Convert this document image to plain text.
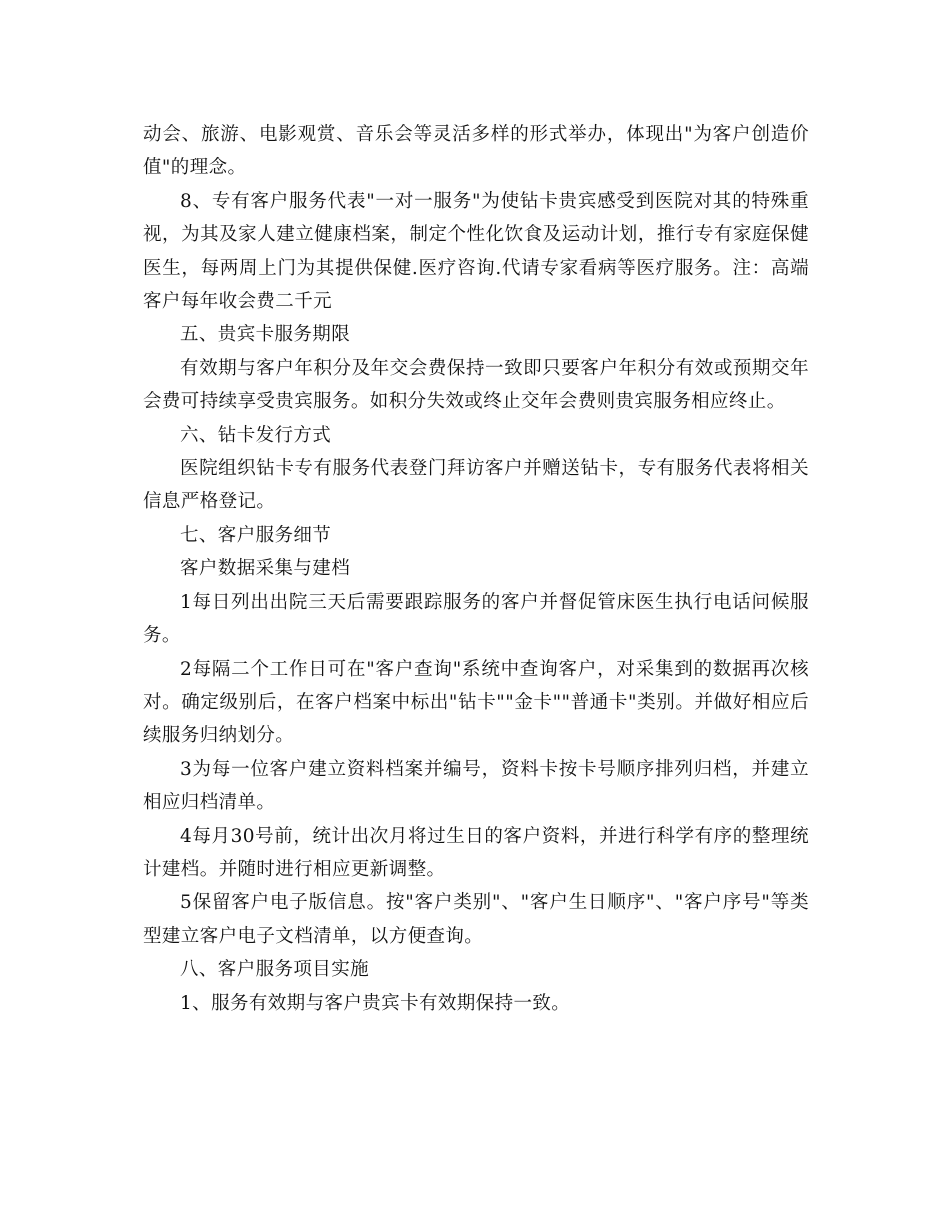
动会、旅游、电影观赏、音乐会等灵活多样的形式举办，体现出"为客户创造价值"的理念。

8、专有客户服务代表"一对一服务"为使钻卡贵宾感受到医院对其的特殊重视，为其及家人建立健康档案，制定个性化饮食及运动计划，推行专有家庭保健医生，每两周上门为其提供保健.医疗咨询.代请专家看病等医疗服务。注：高端客户每年收会费二千元

五、贵宾卡服务期限

有效期与客户年积分及年交会费保持一致即只要客户年积分有效或预期交年会费可持续享受贵宾服务。如积分失效或终止交年会费则贵宾服务相应终止。

六、钻卡发行方式

医院组织钻卡专有服务代表登门拜访客户并赠送钻卡，专有服务代表将相关信息严格登记。

七、客户服务细节

客户数据采集与建档

1每日列出出院三天后需要跟踪服务的客户并督促管床医生执行电话问候服务。

2每隔二个工作日可在"客户查询"系统中查询客户，对采集到的数据再次核对。确定级别后，在客户档案中标出"钻卡""金卡""普通卡"类别。并做好相应后续服务归纳划分。

3为每一位客户建立资料档案并编号，资料卡按卡号顺序排列归档，并建立相应归档清单。

4每月30号前，统计出次月将过生日的客户资料，并进行科学有序的整理统计建档。并随时进行相应更新调整。

5保留客户电子版信息。按"客户类别"、"客户生日顺序"、"客户序号"等类型建立客户电子文档清单，以方便查询。

八、客户服务项目实施

1、服务有效期与客户贵宾卡有效期保持一致。
